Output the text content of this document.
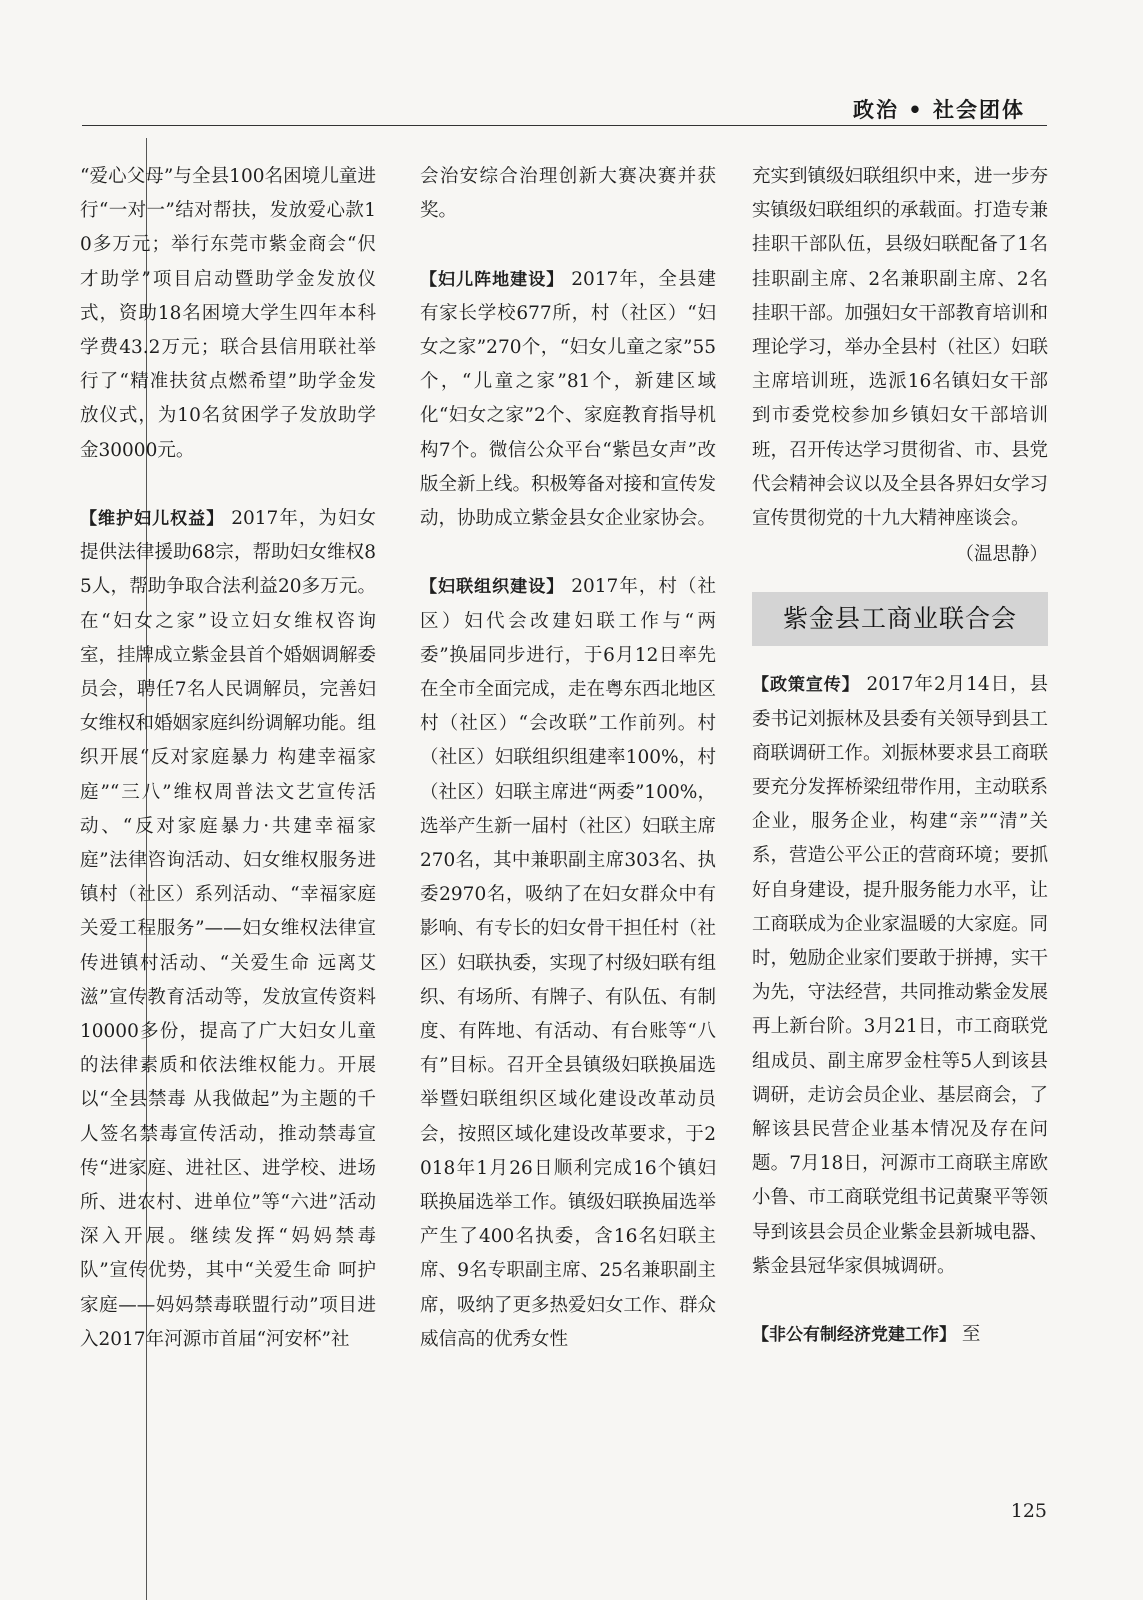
政治 • 社会团体

“爱心父母”与全县100名困境儿童进行“一对一”结对帮扶，发放爱心款10多万元；举行东莞市紫金商会“伬才助学”项目启动暨助学金发放仪式，资助18名困境大学生四年本科学费43.2万元；联合县信用联社举行了“精准扶贫点燃希望”助学金发放仪式，为10名贫困学子发放助学金30000元。

【维护妇儿权益】 2017年，为妇女提供法律援助68宗，帮助妇女维权85人，帮助争取合法利益20多万元。在“妇女之家”设立妇女维权咨询室，挂牌成立紫金县首个婚姻调解委员会，聘任7名人民调解员，完善妇女维权和婚姻家庭纠纷调解功能。组织开展“反对家庭暴力 构建幸福家庭”“三八”维权周普法文艺宣传活动、“反对家庭暴力·共建幸福家庭”法律咨询活动、妇女维权服务进镇村（社区）系列活动、“幸福家庭关爱工程服务”——妇女维权法律宣传进镇村活动、“关爱生命 远离艾滋”宣传教育活动等，发放宣传资料10000多份，提高了广大妇女儿童的法律素质和依法维权能力。开展以“全县禁毒 从我做起”为主题的千人签名禁毒宣传活动，推动禁毒宣传“进家庭、进社区、进学校、进场所、进农村、进单位”等“六进”活动深入开展。继续发挥“妈妈禁毒队”宣传优势，其中“关爱生命 呵护家庭——妈妈禁毒联盟行动”项目进入2017年河源市首届“河安杯”社

会治安综合治理创新大赛决赛并获奖。

【妇儿阵地建设】 2017年，全县建有家长学校677所，村（社区）“妇女之家”270个，“妇女儿童之家”55个，“儿童之家”81个，新建区域化“妇女之家”2个、家庭教育指导机构7个。微信公众平台“紫邑女声”改版全新上线。积极筹备对接和宣传发动，协助成立紫金县女企业家协会。

【妇联组织建设】 2017年，村（社区）妇代会改建妇联工作与“两委”换届同步进行，于6月12日率先在全市全面完成，走在粤东西北地区村（社区）“会改联”工作前列。村（社区）妇联组织组建率100%，村（社区）妇联主席进“两委”100%，选举产生新一届村（社区）妇联主席270名，其中兼职副主席303名、执委2970名，吸纳了在妇女群众中有影响、有专长的妇女骨干担任村（社区）妇联执委，实现了村级妇联有组织、有场所、有牌子、有队伍、有制度、有阵地、有活动、有台账等“八有”目标。召开全县镇级妇联换届选举暨妇联组织区域化建设改革动员会，按照区域化建设改革要求，于2018年1月26日顺利完成16个镇妇联换届选举工作。镇级妇联换届选举产生了400名执委，含16名妇联主席、9名专职副主席、25名兼职副主席，吸纳了更多热爱妇女工作、群众威信高的优秀女性

充实到镇级妇联组织中来，进一步夯实镇级妇联组织的承载面。打造专兼挂职干部队伍，县级妇联配备了1名挂职副主席、2名兼职副主席、2名挂职干部。加强妇女干部教育培训和理论学习，举办全县村（社区）妇联主席培训班，选派16名镇妇女干部到市委党校参加乡镇妇女干部培训班，召开传达学习贯彻省、市、县党代会精神会议以及全县各界妇女学习宣传贯彻党的十九大精神座谈会。

（温思静）

紫金县工商业联合会

【政策宣传】 2017年2月14日，县委书记刘振林及县委有关领导到县工商联调研工作。刘振林要求县工商联要充分发挥桥梁纽带作用，主动联系企业，服务企业，构建“亲”“清”关系，营造公平公正的营商环境；要抓好自身建设，提升服务能力水平，让工商联成为企业家温暖的大家庭。同时，勉励企业家们要敢于拼搏，实干为先，守法经营，共同推动紫金发展再上新台阶。3月21日，市工商联党组成员、副主席罗金柱等5人到该县调研，走访会员企业、基层商会，了解该县民营企业基本情况及存在问题。7月18日，河源市工商联主席欧小鲁、市工商联党组书记黄聚平等领导到该县会员企业紫金县新城电器、紫金县冠华家俱城调研。

【非公有制经济党建工作】 至

125
